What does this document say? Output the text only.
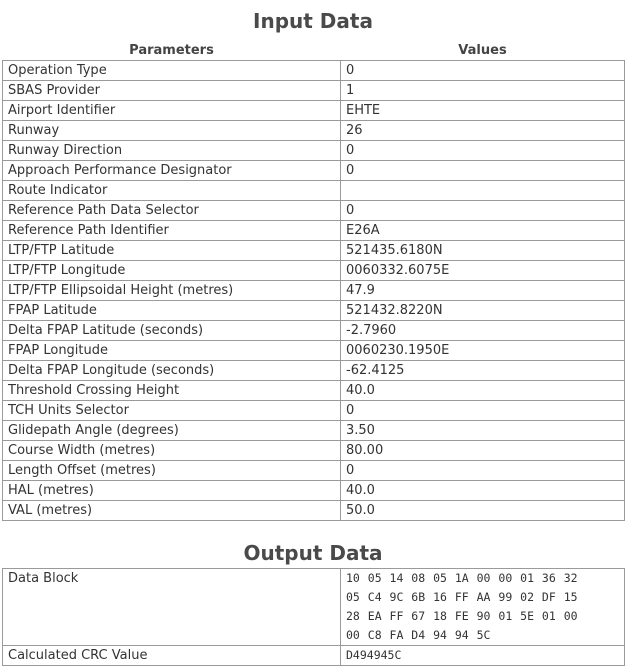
Input Data
Parameters	Values
Operation Type	0
SBAS Provider	1
Airport Identifier	EHTE
Runway	26
Runway Direction	0
Approach Performance Designator	0
Route Indicator	
Reference Path Data Selector	0
Reference Path Identifier	E26A
LTP/FTP Latitude	521435.6180N
LTP/FTP Longitude	0060332.6075E
LTP/FTP Ellipsoidal Height (metres)	47.9
FPAP Latitude	521432.8220N
Delta FPAP Latitude (seconds)	-2.7960
FPAP Longitude	0060230.1950E
Delta FPAP Longitude (seconds)	-62.4125
Threshold Crossing Height	40.0
TCH Units Selector	0
Glidepath Angle (degrees)	3.50
Course Width (metres)	80.00
Length Offset (metres)	0
HAL (metres)	40.0
VAL (metres)	50.0
Output Data
Data Block	10 05 14 08 05 1A 00 00 01 36 32
05 C4 9C 6B 16 FF AA 99 02 DF 15
28 EA FF 67 18 FE 90 01 5E 01 00
00 C8 FA D4 94 94 5C

Calculated CRC Value	D494945C
